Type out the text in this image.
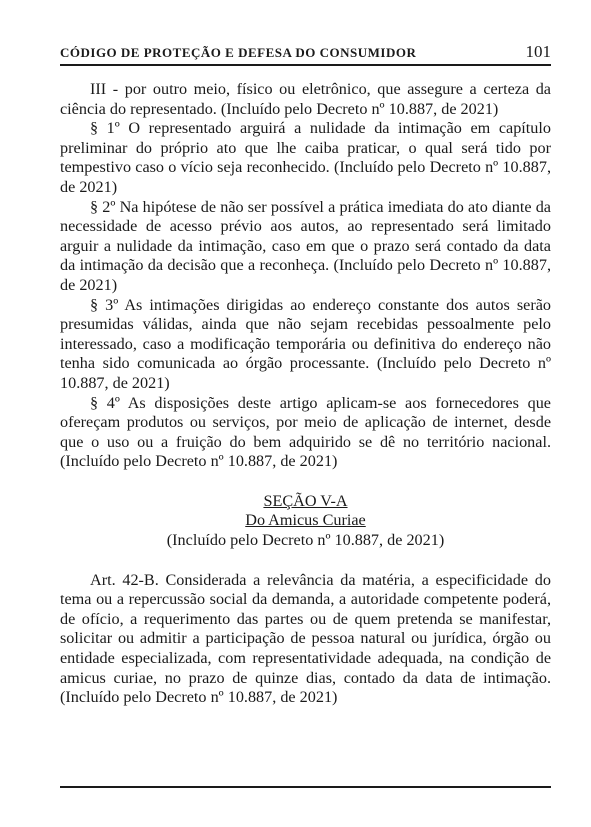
CÓDIGO DE PROTEÇÃO E DEFESA DO CONSUMIDOR	101

III - por outro meio, físico ou eletrônico, que assegure a certeza da ciência do representado. (Incluído pelo Decreto nº 10.887, de 2021)

§ 1º O representado arguirá a nulidade da intimação em capítulo preliminar do próprio ato que lhe caiba praticar, o qual será tido por tempestivo caso o vício seja reconhecido. (Incluído pelo Decreto nº 10.887, de 2021)

§ 2º Na hipótese de não ser possível a prática imediata do ato diante da necessidade de acesso prévio aos autos, ao representado será limitado arguir a nulidade da intimação, caso em que o prazo será contado da data da intimação da decisão que a reconheça. (Incluído pelo Decreto nº 10.887, de 2021)

§ 3º As intimações dirigidas ao endereço constante dos autos serão presumidas válidas, ainda que não sejam recebidas pessoalmente pelo interessado, caso a modificação temporária ou definitiva do endereço não tenha sido comunicada ao órgão processante. (Incluído pelo Decreto nº 10.887, de 2021)

§ 4º As disposições deste artigo aplicam-se aos fornecedores que ofereçam produtos ou serviços, por meio de aplicação de internet, desde que o uso ou a fruição do bem adquirido se dê no território nacional. (Incluído pelo Decreto nº 10.887, de 2021)

SEÇÃO V-A
Do Amicus Curiae
(Incluído pelo Decreto nº 10.887, de 2021)

Art. 42-B. Considerada a relevância da matéria, a especificidade do tema ou a repercussão social da demanda, a autoridade competente poderá, de ofício, a requerimento das partes ou de quem pretenda se manifestar, solicitar ou admitir a participação de pessoa natural ou jurídica, órgão ou entidade especializada, com representatividade adequada, na condição de amicus curiae, no prazo de quinze dias, contado da data de intimação. (Incluído pelo Decreto nº 10.887, de 2021)
